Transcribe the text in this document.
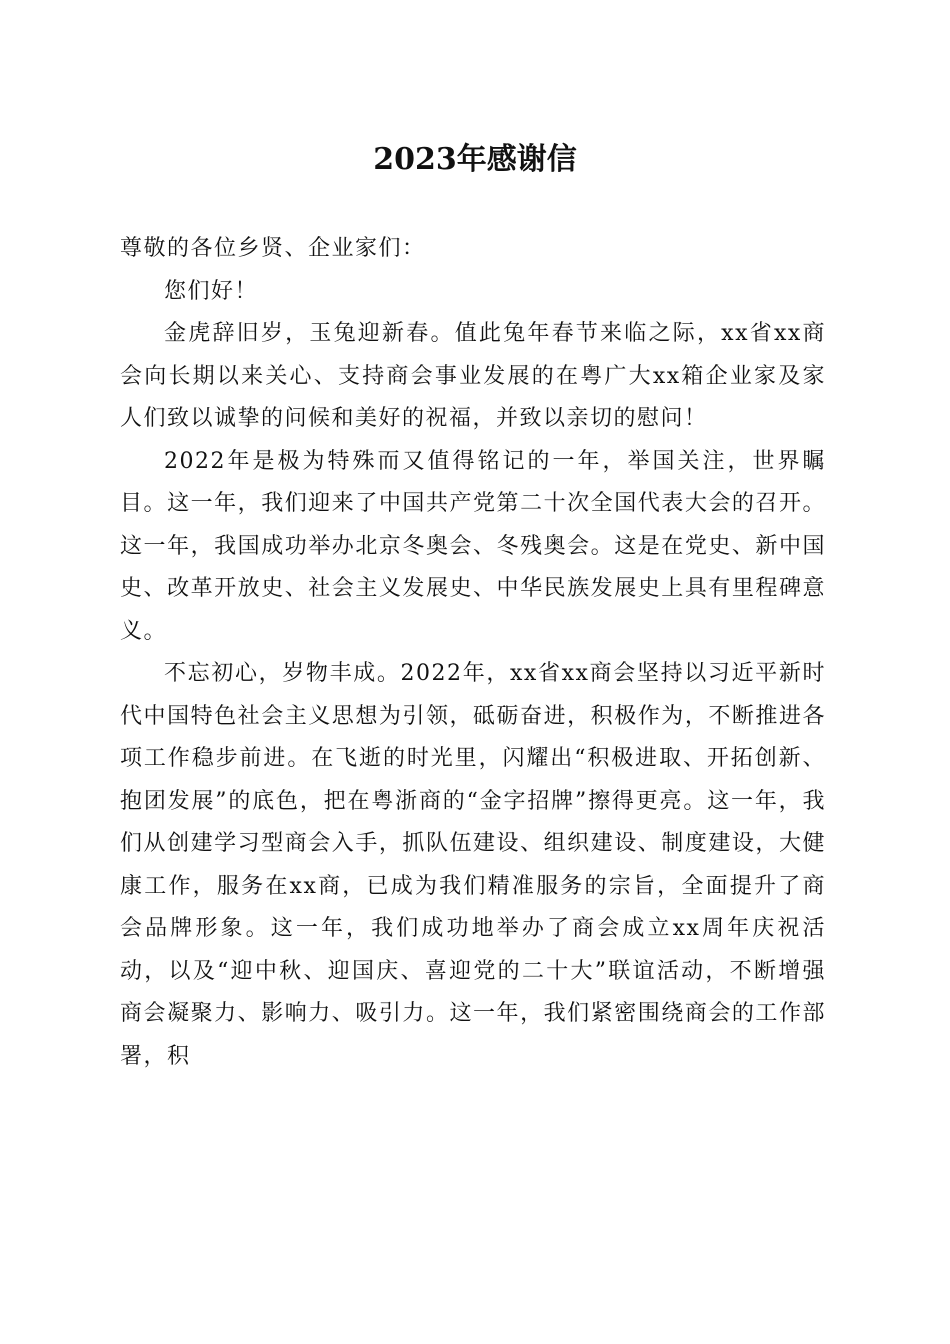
2023年感谢信

尊敬的各位乡贤、企业家们：

您们好！

金虎辞旧岁，玉兔迎新春。值此兔年春节来临之际，xx省xx商会向长期以来关心、支持商会事业发展的在粤广大xx箱企业家及家人们致以诚挚的问候和美好的祝福，并致以亲切的慰问！

2022年是极为特殊而又值得铭记的一年，举国关注，世界瞩目。这一年，我们迎来了中国共产党第二十次全国代表大会的召开。这一年，我国成功举办北京冬奥会、冬残奥会。这是在党史、新中国史、改革开放史、社会主义发展史、中华民族发展史上具有里程碑意义。

不忘初心，岁物丰成。2022年，xx省xx商会坚持以习近平新时代中国特色社会主义思想为引领，砥砺奋进，积极作为，不断推进各项工作稳步前进。在飞逝的时光里，闪耀出“积极进取、开拓创新、抱团发展”的底色，把在粤浙商的“金字招牌”擦得更亮。这一年，我们从创建学习型商会入手，抓队伍建设、组织建设、制度建设，大健康工作，服务在xx商，已成为我们精准服务的宗旨，全面提升了商会品牌形象。这一年，我们成功地举办了商会成立xx周年庆祝活动，以及“迎中秋、迎国庆、喜迎党的二十大”联谊活动，不断增强商会凝聚力、影响力、吸引力。这一年，我们紧密围绕商会的工作部署，积
